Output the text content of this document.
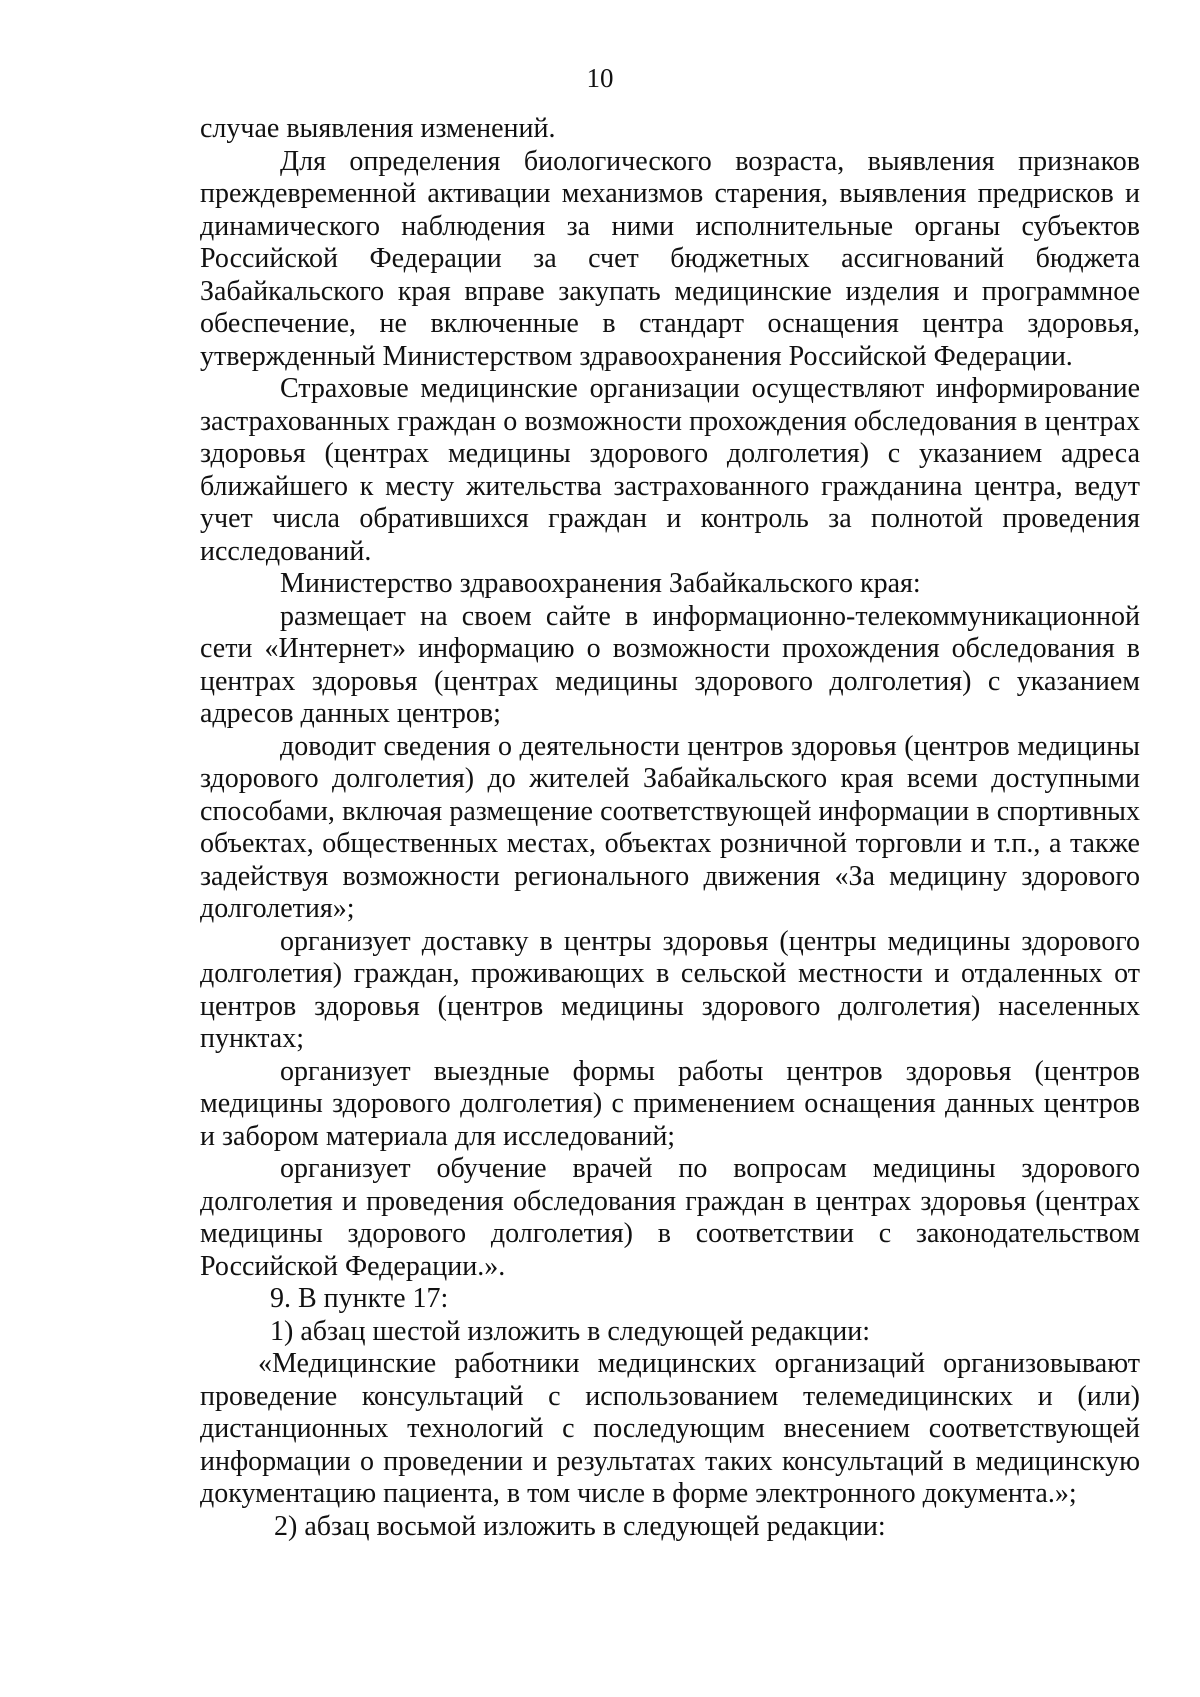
10

случае выявления изменений.

Для определения биологического возраста, выявления признаков преждевременной активации механизмов старения, выявления предрисков и динамического наблюдения за ними исполнительные органы субъектов Российской Федерации за счет бюджетных ассигнований бюджета Забайкальского края вправе закупать медицинские изделия и программное обеспечение, не включенные в стандарт оснащения центра здоровья, утвержденный Министерством здравоохранения Российской Федерации.

Страховые медицинские организации осуществляют информирование застрахованных граждан о возможности прохождения обследования в центрах здоровья (центрах медицины здорового долголетия) с указанием адреса ближайшего к месту жительства застрахованного гражданина центра, ведут учет числа обратившихся граждан и контроль за полнотой проведения исследований.

Министерство здравоохранения Забайкальского края:

размещает на своем сайте в информационно-телекоммуникационной сети «Интернет» информацию о возможности прохождения обследования в центрах здоровья (центрах медицины здорового долголетия) с указанием адресов данных центров;

доводит сведения о деятельности центров здоровья (центров медицины здорового долголетия) до жителей Забайкальского края всеми доступными способами, включая размещение соответствующей информации в спортивных объектах, общественных местах, объектах розничной торговли и т.п., а также задействуя возможности регионального движения «За медицину здорового долголетия»;

организует доставку в центры здоровья (центры медицины здорового долголетия) граждан, проживающих в сельской местности и отдаленных от центров здоровья (центров медицины здорового долголетия) населенных пунктах;

организует выездные формы работы центров здоровья (центров медицины здорового долголетия) с применением оснащения данных центров и забором материала для исследований;

организует обучение врачей по вопросам медицины здорового долголетия и проведения обследования граждан в центрах здоровья (центрах медицины здорового долголетия) в соответствии с законодательством Российской Федерации.».

9. В пункте 17:

1) абзац шестой изложить в следующей редакции:

«Медицинские работники медицинских организаций организовывают проведение консультаций с использованием телемедицинских и (или) дистанционных технологий с последующим внесением соответствующей информации о проведении и результатах таких консультаций в медицинскую документацию пациента, в том числе в форме электронного документа.»;

2) абзац восьмой изложить в следующей редакции:
